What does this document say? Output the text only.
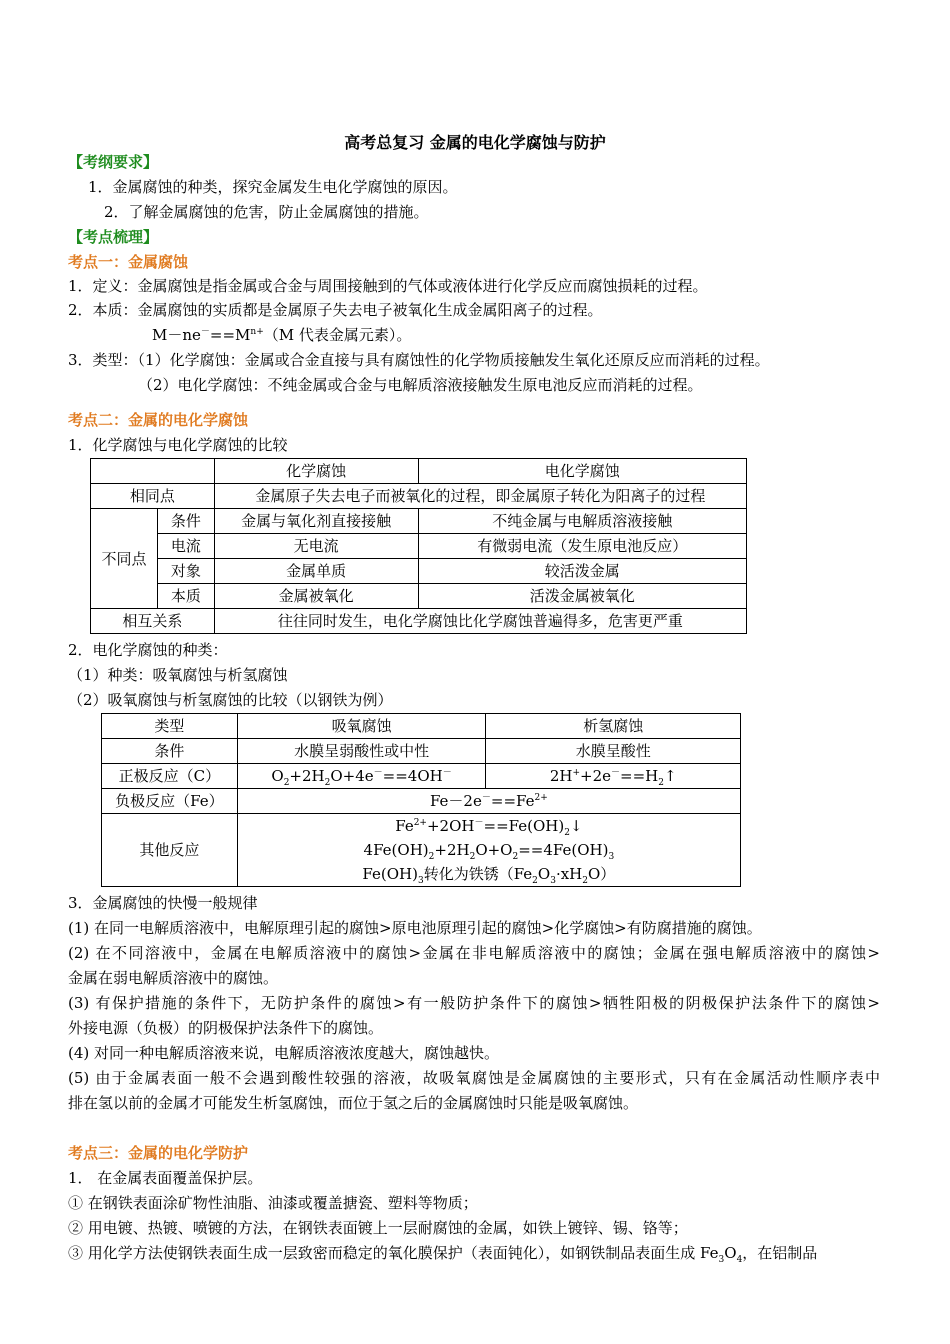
高考总复习 金属的电化学腐蚀与防护
【考纲要求】
1．金属腐蚀的种类，探究金属发生电化学腐蚀的原因。
2．了解金属腐蚀的危害，防止金属腐蚀的措施。
【考点梳理】
考点一：金属腐蚀
1．定义：金属腐蚀是指金属或合金与周围接触到的气体或液体进行化学反应而腐蚀损耗的过程。
2．本质：金属腐蚀的实质都是金属原子失去电子被氧化生成金属阳离子的过程。
$M-ne^-==M^{n+}(M$ 代表金属元素）。
3．类型：（1）化学腐蚀：金属或合金直接与具有腐蚀性的化学物质接触发生氧化还原反应而消耗的过程。
（2）电化学腐蚀：不纯金属或合金与电解质溶液接触发生原电池反应而消耗的过程。
考点二：金属的电化学腐蚀
1．化学腐蚀与电化学腐蚀的比较
		化学腐蚀	电化学腐蚀
相同点		金属原子失去电子而被氧化的过程，即金属原子转化为阳离子的过程	
不同点	条件	金属与氧化剂直接接触	不纯金属与电解质溶液接触
	电流	无电流	有微弱电流（发生原电池反应）
	对象	金属单质	较活泼金属
	本质	金属被氧化	活泼金属被氧化
相互关系		往往同时发生，电化学腐蚀比化学腐蚀普遍得多，危害更严重	
2．电化学腐蚀的种类：
（1）种类：吸氧腐蚀与析氢腐蚀
（2）吸氧腐蚀与析氢腐蚀的比较（以钢铁为例）
类型	吸氧腐蚀	析氢腐蚀
条件	水膜呈弱酸性或中性	水膜呈酸性
正极反应（C）	$O_2+2H_2O+4e^-==4OH^-$	$2H^++2e^-==H_2↑$
负极反应（Fe）	$Fe-2e^-==Fe^{2+}$
其他反应	$Fe^{2+}+2OH^-==Fe(OH)_2↓$
$4Fe(OH)_2+2H_2O+O_2==4Fe(OH)_3$
$Fe(OH)_3$转化为铁锈$(Fe_2O_3\cdot xH_2O)$	
3．金属腐蚀的快慢一般规律
(1) 在同一电解质溶液中，电解原理引起的腐蚀>原电池原理引起的腐蚀>化学腐蚀>有防腐措施的腐蚀。
(2) 在不同溶液中，金属在电解质溶液中的腐蚀>金属在非电解质溶液中的腐蚀；金属在强电解质溶液中的腐蚀>
金属在弱电解质溶液中的腐蚀。
(3) 有保护措施的条件下，无防护条件的腐蚀>有一般防护条件下的腐蚀>牺牲阳极的阴极保护法条件下的腐蚀>
外接电源（负极）的阴极保护法条件下的腐蚀。
(4) 对同一种电解质溶液来说，电解质溶液浓度越大，腐蚀越快。
(5) 由于金属表面一般不会遇到酸性较强的溶液，故吸氧腐蚀是金属腐蚀的主要形式，只有在金属活动性顺序表中
排在氢以前的金属才可能发生析氢腐蚀，而位于氢之后的金属腐蚀时只能是吸氧腐蚀。
考点三：金属的电化学防护
1． 在金属表面覆盖保护层。
① 在钢铁表面涂矿物性油脂、油漆或覆盖搪瓷、塑料等物质；
② 用电镀、热镀、喷镀的方法，在钢铁表面镀上一层耐腐蚀的金属，如铁上镀锌、锡、铬等；
③ 用化学方法使钢铁表面生成一层致密而稳定的氧化膜保护（表面钝化），如钢铁制品表面生成 $Fe_3O_4$，在铝制品
